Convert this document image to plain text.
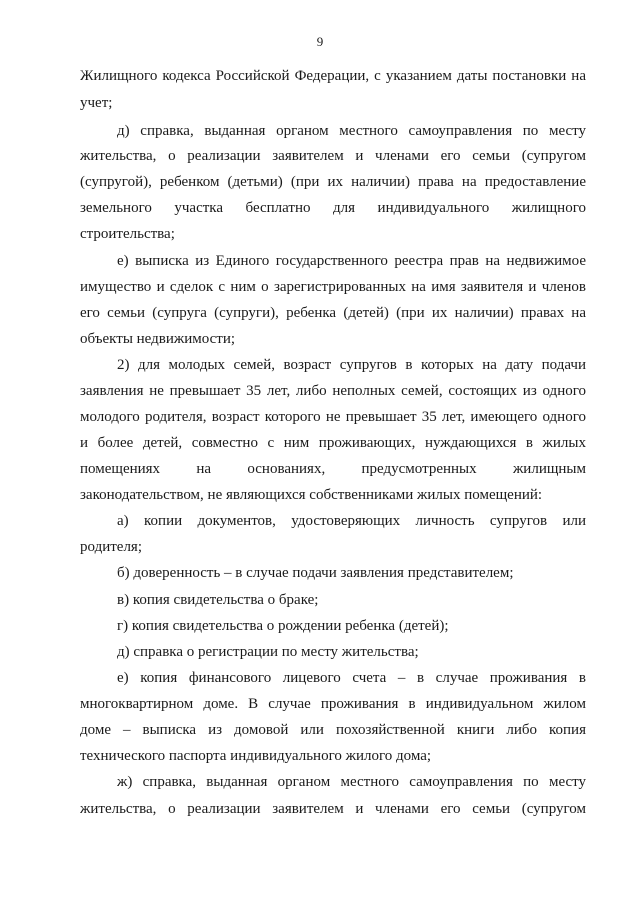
9
Жилищного кодекса Российской Федерации, с указанием даты постановки на
учет;
д) справка, выданная органом местного самоуправления по месту
жительства, о реализации заявителем и членами его семьи (супругом
(супругой), ребенком (детьми) (при их наличии) права на предоставление
земельного участка бесплатно для индивидуального жилищного
строительства;
е) выписка из Единого государственного реестра прав на недвижимое
имущество и сделок с ним о зарегистрированных на имя заявителя и членов
его семьи (супруга (супруги), ребенка (детей) (при их наличии) правах на
объекты недвижимости;
2) для молодых семей, возраст супругов в которых на дату подачи
заявления не превышает 35 лет, либо неполных семей, состоящих из одного
молодого родителя, возраст которого не превышает 35 лет, имеющего одного
и более детей, совместно с ним проживающих, нуждающихся в жилых
помещениях на основаниях, предусмотренных жилищным
законодательством, не являющихся собственниками жилых помещений:
а) копии документов, удостоверяющих личность супругов или
родителя;
б) доверенность – в случае подачи заявления представителем;
в) копия свидетельства о браке;
г) копия свидетельства о рождении ребенка (детей);
д) справка о регистрации по месту жительства;
е) копия финансового лицевого счета – в случае проживания в
многоквартирном доме. В случае проживания в индивидуальном жилом
доме – выписка из домовой или похозяйственной книги либо копия
технического паспорта индивидуального жилого дома;
ж) справка, выданная органом местного самоуправления по месту
жительства, о реализации заявителем и членами его семьи (супругом
